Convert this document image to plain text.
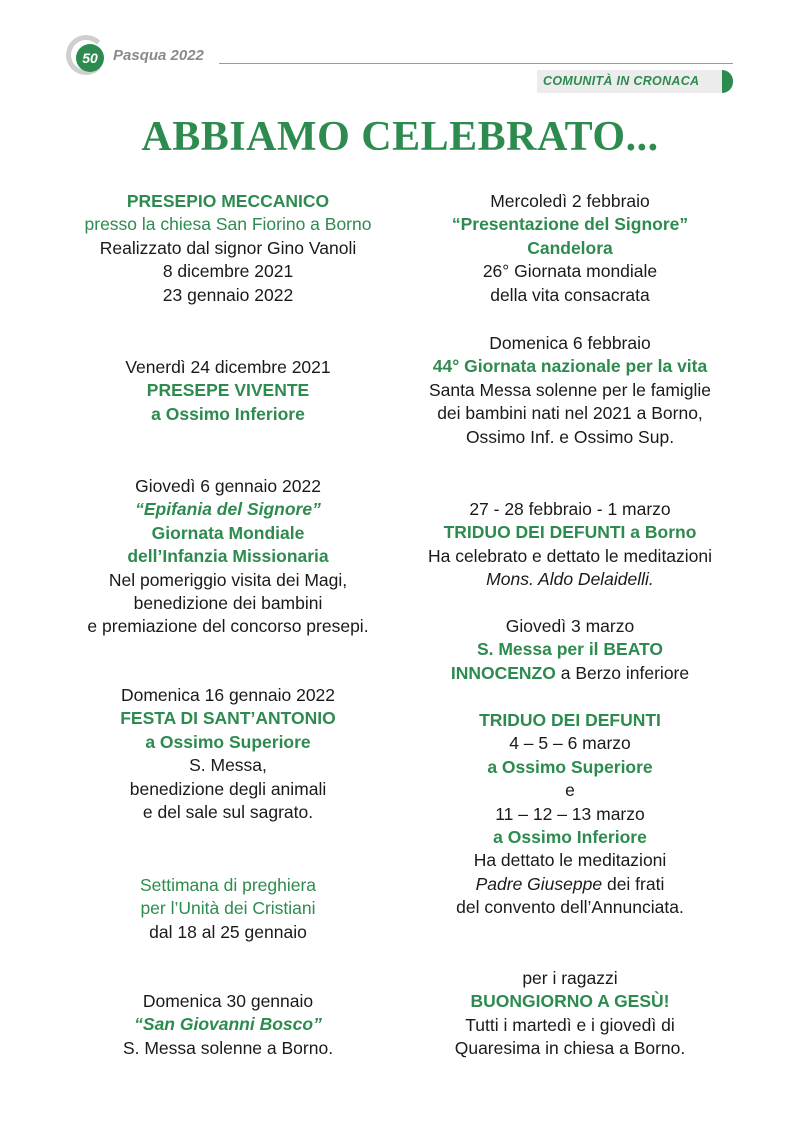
50	Pasqua 2022
COMUNITÀ IN CRONACA
ABBIAMO CELEBRATO...
PRESEPIO MECCANICO
presso la chiesa San Fiorino a Borno
Realizzato dal signor Gino Vanoli
8 dicembre 2021
23 gennaio 2022
Venerdì 24 dicembre 2021
PRESEPE VIVENTE
a Ossimo Inferiore
Giovedì 6 gennaio 2022
“Epifania del Signore”
Giornata Mondiale
dell’Infanzia Missionaria
Nel pomeriggio visita dei Magi,
benedizione dei bambini
e premiazione del concorso presepi.
Domenica 16 gennaio 2022
FESTA DI SANT’ANTONIO
a Ossimo Superiore
S. Messa,
benedizione degli animali
e del sale sul sagrato.
Settimana di preghiera
per l’Unità dei Cristiani
dal 18 al 25 gennaio
Domenica 30 gennaio
“San Giovanni Bosco”
S. Messa solenne a Borno.
Mercoledì 2 febbraio
“Presentazione del Signore”
Candelora
26° Giornata mondiale
della vita consacrata
Domenica 6 febbraio
44° Giornata nazionale per la vita
Santa Messa solenne per le famiglie
dei bambini nati nel 2021 a Borno,
Ossimo Inf. e Ossimo Sup.
27 - 28 febbraio - 1 marzo
TRIDUO DEI DEFUNTI a Borno
Ha celebrato e dettato le meditazioni
Mons. Aldo Delaidelli.
Giovedì 3 marzo
S. Messa per il BEATO
INNOCENZO a Berzo inferiore
TRIDUO DEI DEFUNTI
4 – 5 – 6 marzo
a Ossimo Superiore
e
11 – 12 – 13 marzo
a Ossimo Inferiore
Ha dettato le meditazioni
Padre Giuseppe dei frati
del convento dell’Annunciata.
per i ragazzi
BUONGIORNO A GESÙ!
Tutti i martedì e i giovedì di
Quaresima in chiesa a Borno.
